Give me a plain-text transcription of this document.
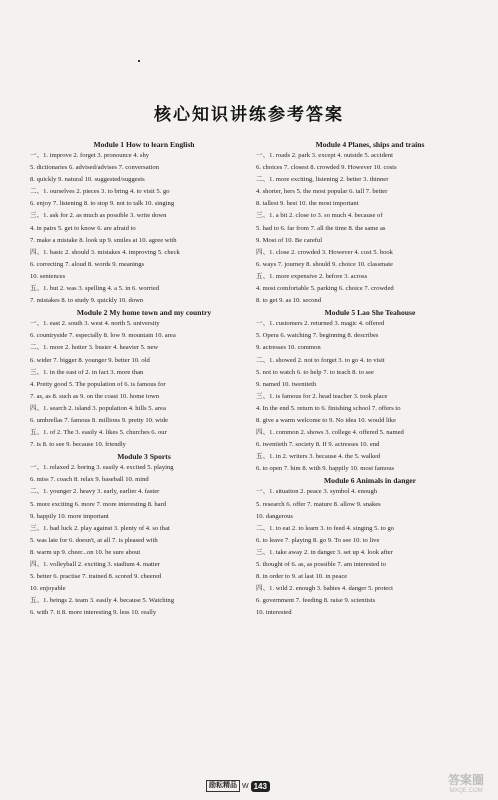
核心知识讲练参考答案
Module 1 How to learn English
一、1. improve 2. forget 3. pronounce 4. shy
5. dictionaries 6. advised/advises 7. conversation
8. quickly 9. natural 10. suggested/suggests
二、1. ourselves 2. pieces 3. to bring 4. to visit 5. go
6. enjoy 7. listening 8. to stop 9. not to talk 10. singing
三、1. ask for 2. as much as possible 3. write down
4. in pairs 5. get to know 6. are afraid to
7. make a mistake 8. look up 9. smiles at 10. agree with
四、1. basic 2. should 3. mistakes 4. improving 5. check
6. correcting 7. aloud 8. words 9. meanings
10. sentences
五、1. but 2. was 3. spelling 4. a 5. in 6. worried
7. mistakes 8. to study 9. quickly 10. down
Module 2 My home town and my country
一、1. east 2. south 3. west 4. north 5. university
6. countryside 7. especially 8. low 9. mountain 10. area
二、1. more 2. hotter 3. busier 4. heavier 5. new
6. wider 7. bigger 8. younger 9. better 10. old
三、1. in the east of 2. in fact 3. more than
4. Pretty good 5. The population of 6. is famous for
7. as, as 8. such as 9. on the coast 10. home town
四、1. search 2. island 3. population 4. hills 5. area
6. umbrellas 7. famous 8. millions 9. pretty 10. wide
五、1. of 2. The 3. easily 4. likes 5. churches 6. our
7. is 8. to see 9. because 10. friendly
Module 3 Sports
一、1. relaxed 2. boring 3. easily 4. excited 5. playing
6. miss 7. coach 8. relax 9. baseball 10. mind
二、1. younger 2. heavy 3. early, earlier 4. faster
5. more exciting 6. more 7. more interesting 8. hard
9. happily 10. more important
三、1. bad luck 2. play against 3. plenty of 4. so that
5. was late for 6. doesn't, at all 7. is pleased with
8. warm up 9. cheer...on 10. be sure about
四、1. volleyball 2. exciting 3. stadium 4. matter
5. better 6. practise 7. trained 8. scored 9. cheered
10. enjoyable
五、1. beings 2. team 3. easily 4. because 5. Watching
6. with 7. it 8. more interesting 9. less 10. really
Module 4 Planes, ships and trains
一、1. roads 2. park 3. except 4. outside 5. accident
6. choices 7. closest 8. crowded 9. However 10. costs
二、1. more exciting, listening 2. better 3. thinner
4. shorter, hers 5. the most popular 6. tall 7. better
8. tallest 9. best 10. the most important
三、1. a bit 2. close to 3. so much 4. because of
5. had to 6. far from 7. all the time 8. the same as
9. Most of 10. Be careful
四、1. close 2. crowded 3. However 4. cost 5. book
6. ways 7. journey 8. should 9. choice 10. classmate
五、1. more expensive 2. before 3. across
4. most comfortable 5. parking 6. choice 7. crowded
8. to get 9. as 10. second
Module 5 Lao She Teahouse
一、1. customers 2. returned 3. magic 4. offered
5. Opera 6. watching 7. beginning 8. describes
9. actresses 10. common
二、1. showed 2. not to forget 3. to go 4. to visit
5. not to watch 6. to help 7. to teach 8. to see
9. named 10. twentieth
三、1. is famous for 2. head teacher 3. took place
4. In the end 5. return to 6. finishing school 7. offers to
8. give a warm welcome to 9. No idea 10. would like
四、1. common 2. shows 3. college 4. offered 5. named
6. twentieth 7. society 8. If 9. actresses 10. end
五、1. in 2. writers 3. because 4. the 5. walked
6. to open 7. him 8. with 9. happily 10. most famous
Module 6 Animals in danger
一、1. situation 2. peace 3. symbol 4. enough
5. research 6. offer 7. mature 8. allow 9. snakes
10. dangerous
二、1. to eat 2. to learn 3. to feed 4. singing 5. to go
6. to leave 7. playing 8. go 9. To see 10. to live
三、1. take away 2. in danger 3. set up 4. look after
5. thought of 6. as, as possible 7. am interested to
8. in order to 9. at last 10. in peace
四、1. wild 2. enough 3. babies 4. danger 5. protect
6. government 7. feeding 8. raise 9. scientists
10. interested
励耘精品 W 143	答案圈
MXQE.COM
